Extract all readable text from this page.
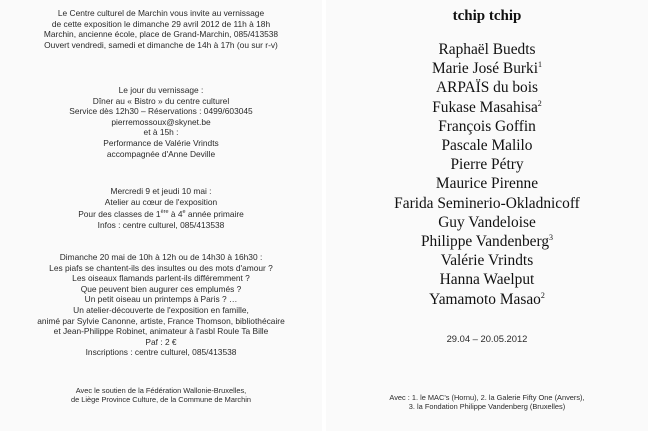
Le Centre culturel de Marchin vous invite au vernissage
de cette exposition le dimanche 29 avril 2012 de 11h à 18h
Marchin, ancienne école, place de Grand-Marchin, 085/413538
Ouvert vendredi, samedi et dimanche de 14h à 17h (ou sur r-v)
Le jour du vernissage :
Dîner au « Bistro » du centre culturel
Service dès 12h30 – Réservations : 0499/603045
pierremossoux@skynet.be
et à 15h :
Performance de Valérie Vrindts
accompagnée d'Anne Deville
Mercredi 9 et jeudi 10 mai :
Atelier au cœur de l'exposition
Pour des classes de 1ère à 4e année primaire
Infos : centre culturel, 085/413538
Dimanche 20 mai de 10h à 12h ou de 14h30 à 16h30 :
Les piafs se chantent-ils des insultes ou des mots d'amour ?
Les oiseaux flamands parlent-ils différemment ?
Que peuvent bien augurer ces emplumés ?
Un petit oiseau un printemps à Paris ? …
Un atelier-découverte de l'exposition en famille,
animé par Sylvie Canonne, artiste, France Thomson, bibliothécaire
et Jean-Philippe Robinet, animateur à l'asbl Roule Ta Bille
Paf : 2 €
Inscriptions : centre culturel, 085/413538
Avec le soutien de la Fédération Wallonie-Bruxelles,
de Liège Province Culture, de la Commune de Marchin
tchip tchip
Raphaël Buedts
Marie José Burki$^1$
ARPAÏS du bois
Fukase Masahisa$^2$
François Goffin
Pascale Malilo
Pierre Pétry
Maurice Pirenne
Farida Seminerio-Okladnicoff
Guy Vandeloise
Philippe Vandenberg$^3$
Valérie Vrindts
Hanna Waelput
Yamamoto Masao$^2$
29.04 – 20.05.2012
Avec : 1. le MAC's (Hornu), 2. la Galerie Fifty One (Anvers),
3. la Fondation Philippe Vandenberg (Bruxelles)
